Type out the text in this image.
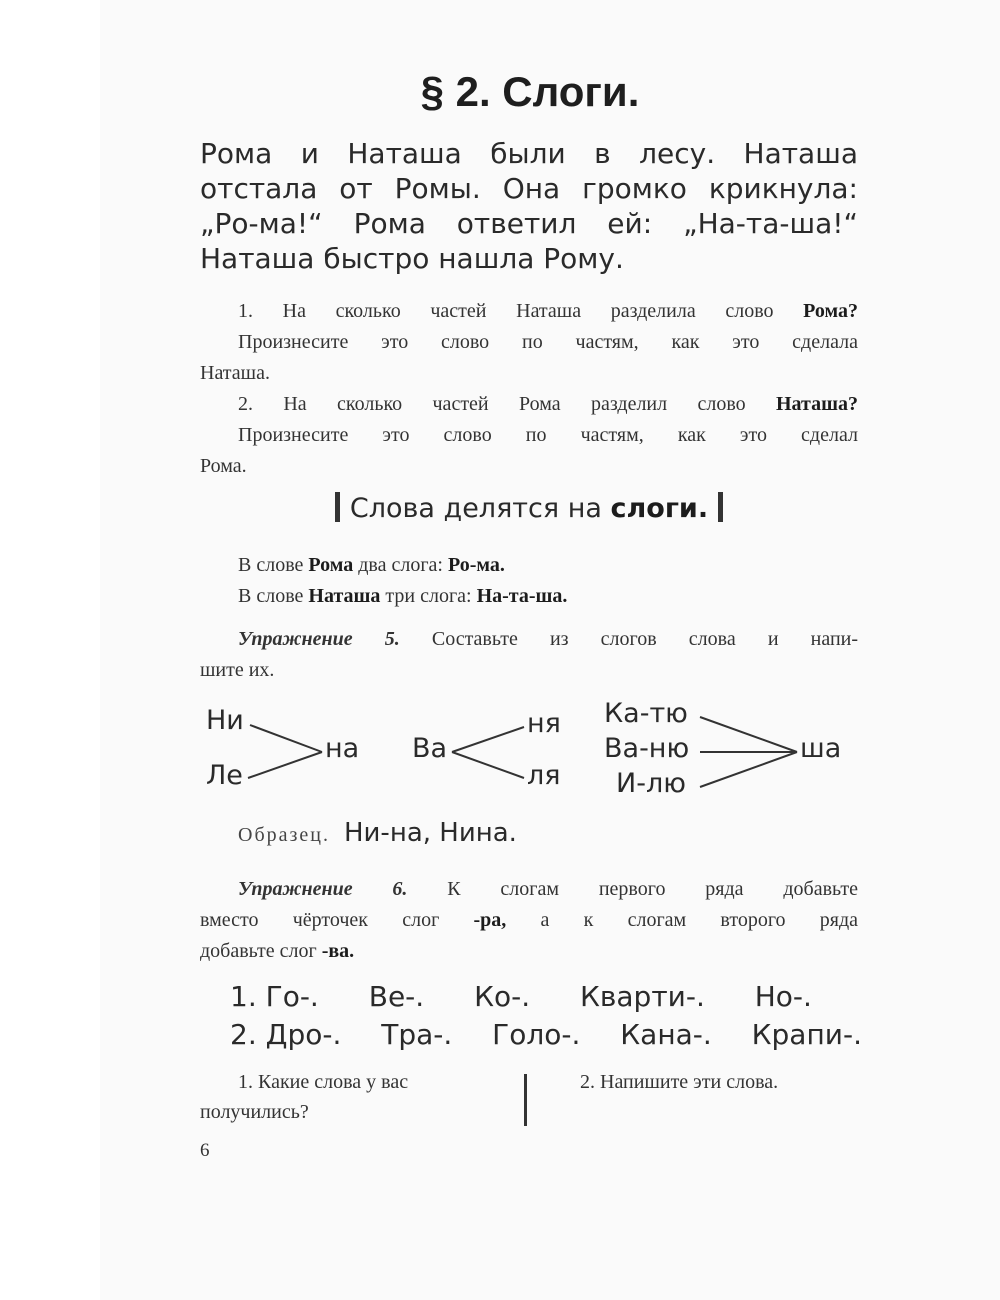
§ 2. Слоги.
Рома и Наташа были в лесу. Наташа
отстала от Ромы. Она громко крикнула:
„Ро-ма!“ Рома ответил ей: „На-та-ша!“
Наташа быстро нашла Рому.
1. На сколько частей Наташа разделила слово Рома?
Произнесите это слово по частям, как это сделала
Наташа.
2. На сколько частей Рома разделил слово Наташа?
Произнесите это слово по частям, как это сделал
Рома.
Слова делятся на слоги.
В слове Рома два слога: Ро-ма.
В слове Наташа три слога: На-та-ша.
Упражнение 5. Составьте из слогов слова и напи-
шите их.
Ни
Ле
на Ва
ня
ля
Ка-тю
Ва-ню
И-лю
ша
Образец. Ни-на, Нина.
Упражнение 6. К слогам первого ряда добавьте
вместо чёрточек слог -ра, а к слогам второго ряда
добавьте слог -ва.
1. Го-. Ве-. Ко-. Кварти-. Но-.
2. Дро-. Тра-. Голо-. Кана-. Крапи-.
1. Какие слова у вас
получились?
2. Напишите эти слова.
6
